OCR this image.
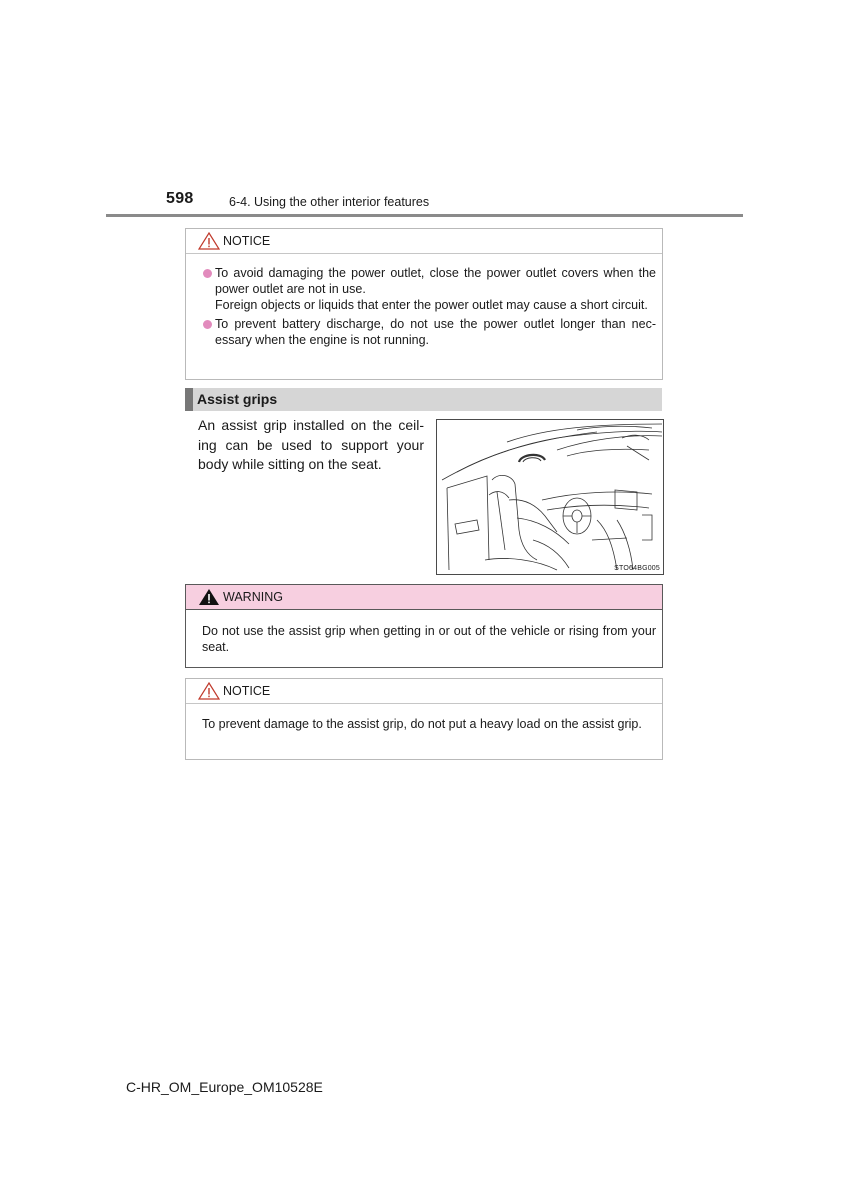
598	6-4. Using the other interior features
NOTICE
To avoid damaging the power outlet, close the power outlet covers when the power outlet are not in use.
Foreign objects or liquids that enter the power outlet may cause a short circuit.
To prevent battery discharge, do not use the power outlet longer than nec-essary when the engine is not running.
Assist grips
An assist grip installed on the ceil-ing can be used to support your body while sitting on the seat.
STO64BG005
WARNING
Do not use the assist grip when getting in or out of the vehicle or rising from your seat.
NOTICE
To prevent damage to the assist grip, do not put a heavy load on the assist grip.
C-HR_OM_Europe_OM10528E
